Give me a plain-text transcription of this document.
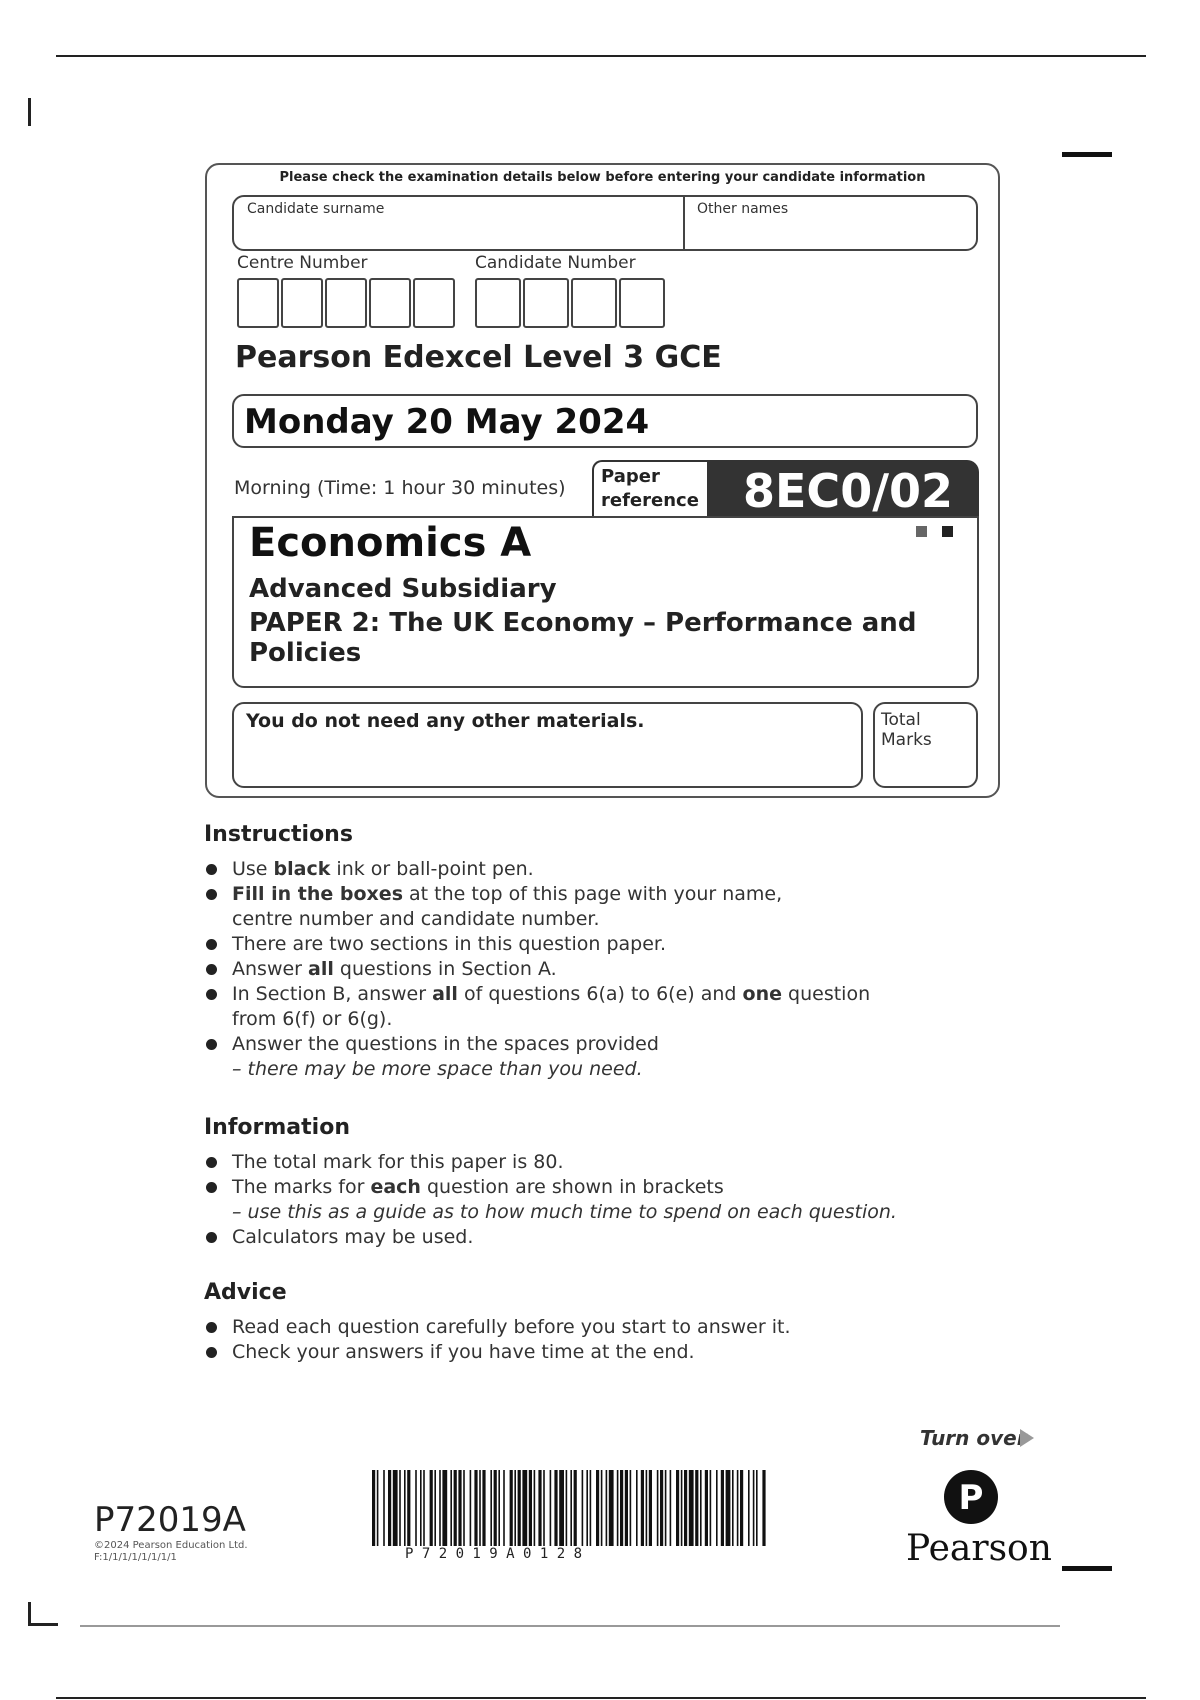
Please check the examination details below before entering your candidate information
Candidate surname	Other names
Centre Number	Candidate Number
Pearson Edexcel Level 3 GCE
Monday 20 May 2024
Morning (Time: 1 hour 30 minutes)
Paper
reference 8EC0/02
Economics A
Advanced Subsidiary
PAPER 2: The UK Economy – Performance and Policies
You do not need any other materials.	Total Marks
Instructions
Use black ink or ball-point pen.
Fill in the boxes at the top of this page with your name,
centre number and candidate number.
There are two sections in this question paper.
Answer all questions in Section A.
In Section B, answer all of questions 6(a) to 6(e) and one question
from 6(f) or 6(g).
Answer the questions in the spaces provided
– there may be more space than you need.
Information
The total mark for this paper is 80.
The marks for each question are shown in brackets
– use this as a guide as to how much time to spend on each question.
Calculators may be used.
Advice
Read each question carefully before you start to answer it.
Check your answers if you have time at the end.
Turn over
P72019A
©2024 Pearson Education Ltd.
F:1/1/1/1/1/1/1/1	P 7 2 0 1 9 A 0 1 2 8
P
Pearson
